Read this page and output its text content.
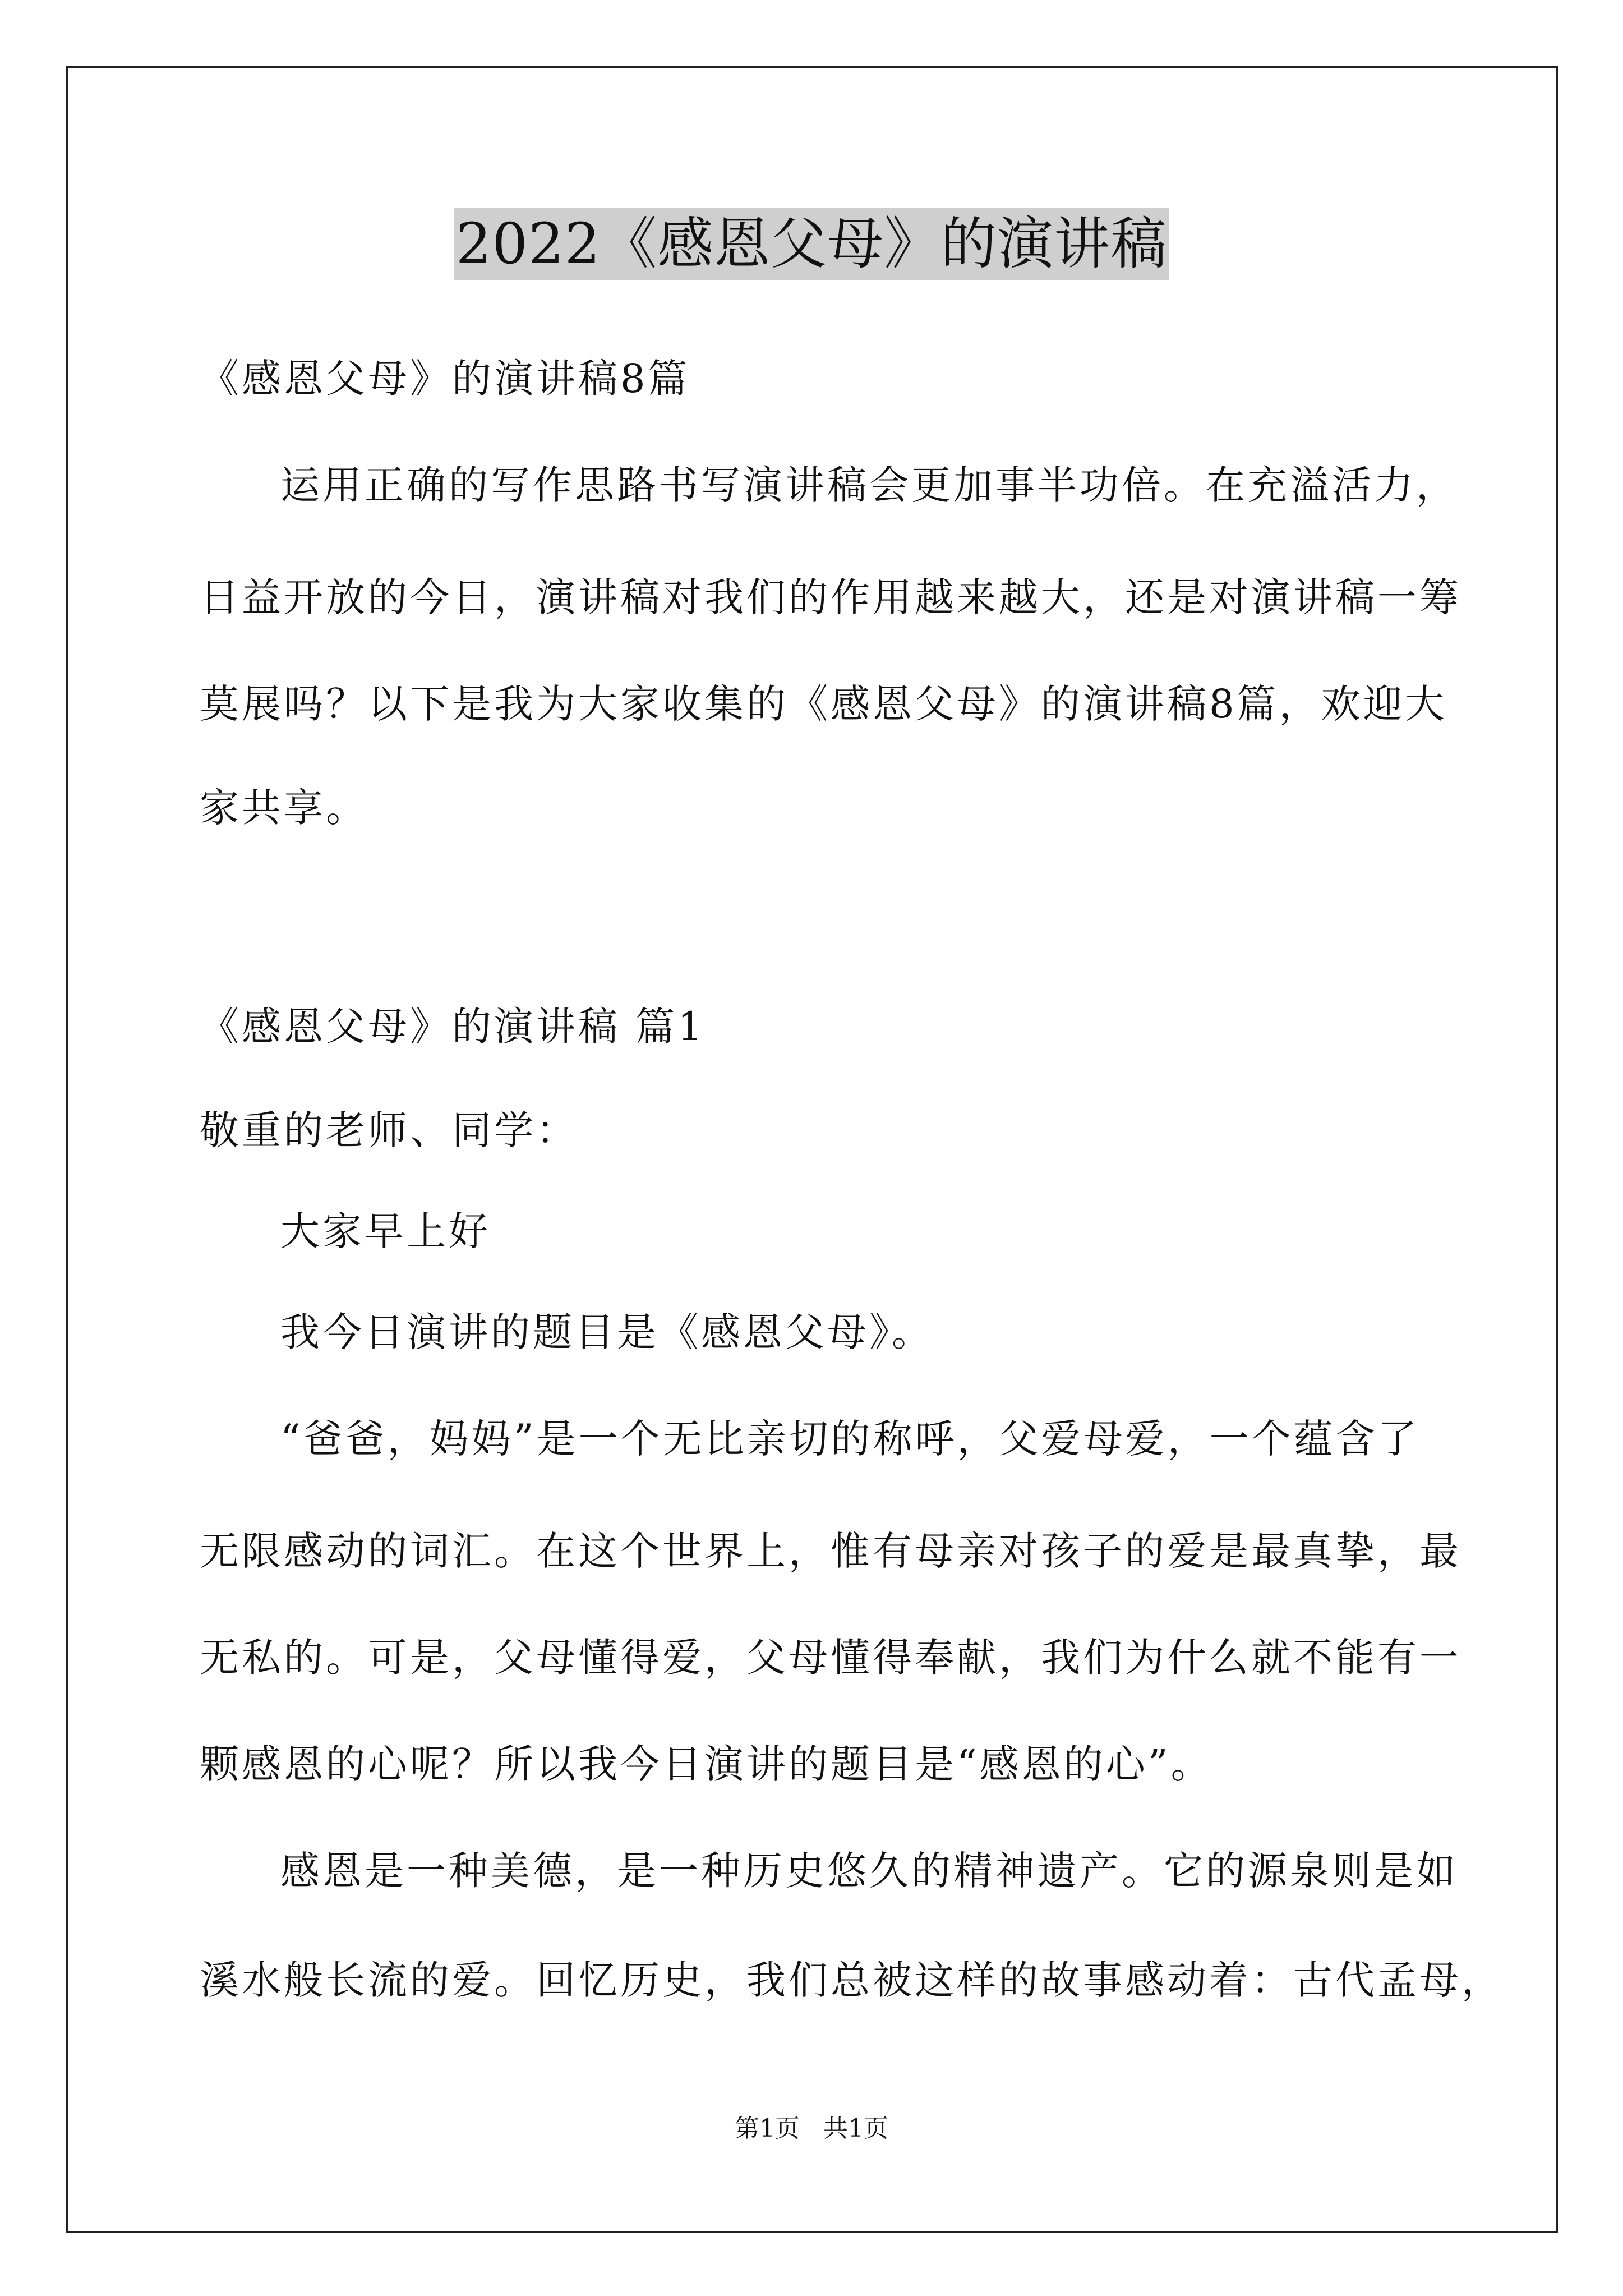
2022《感恩父母》的演讲稿
《感恩父母》的演讲稿8篇
运用正确的写作思路书写演讲稿会更加事半功倍。在充溢活力，
日益开放的今日，演讲稿对我们的作用越来越大，还是对演讲稿一筹
莫展吗？以下是我为大家收集的《感恩父母》的演讲稿8篇，欢迎大
家共享。
《感恩父母》的演讲稿 篇1
敬重的老师、同学：
大家早上好
我今日演讲的题目是《感恩父母》。
“爸爸，妈妈”是一个无比亲切的称呼，父爱母爱，一个蕴含了
无限感动的词汇。在这个世界上，惟有母亲对孩子的爱是最真挚，最
无私的。可是，父母懂得爱，父母懂得奉献，我们为什么就不能有一
颗感恩的心呢？所以我今日演讲的题目是“感恩的心”。
感恩是一种美德，是一种历史悠久的精神遗产。它的源泉则是如
溪水般长流的爱。回忆历史，我们总被这样的故事感动着：古代孟母，
第1页   共1页
